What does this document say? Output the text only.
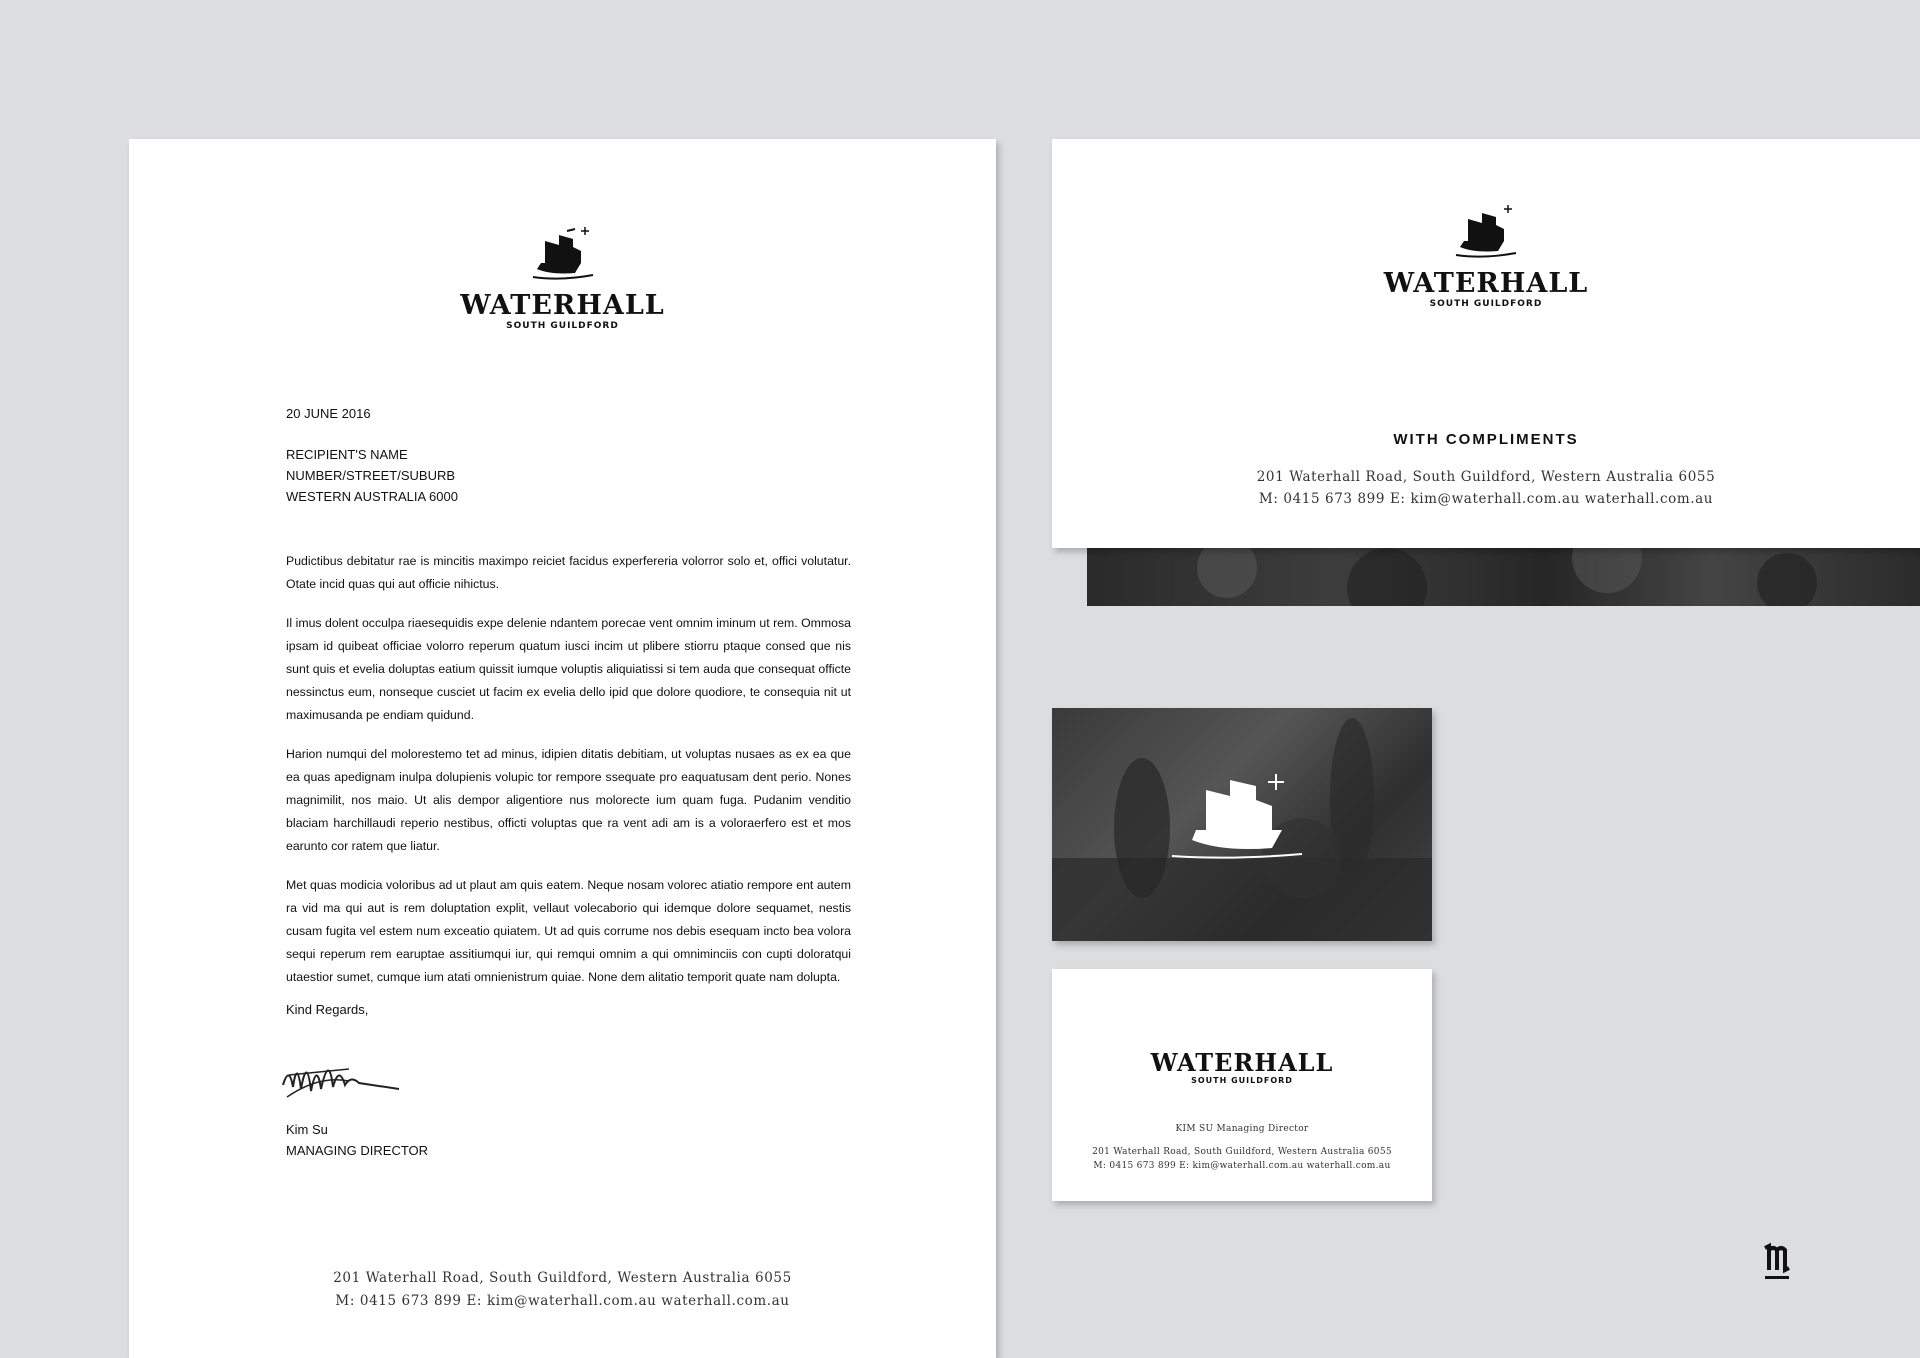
WATERHALL
SOUTH GUILDFORD
20 JUNE 2016
RECIPIENT'S NAME
NUMBER/STREET/SUBURB
WESTERN AUSTRALIA 6000

Pudictibus debitatur rae is mincitis maximpo reiciet facidus experfereria volorror solo et, offici volutatur. Otate incid quas qui aut officie nihictus.

Il imus dolent occulpa riaesequidis expe delenie ndantem porecae vent omnim iminum ut rem. Ommosa ipsam id quibeat officiae volorro reperum quatum iusci incim ut plibere stiorru ptaque consed que nis sunt quis et evelia doluptas eatium quissit iumque voluptis aliquiatissi si tem auda que consequat officte nessinctus eum, nonseque cusciet ut facim ex evelia dello ipid que dolore quodiore, te consequia nit ut maximusanda pe endiam quidund.

Harion numqui del molorestemo tet ad minus, idipien ditatis debitiam, ut voluptas nusaes as ex ea que ea quas apedignam inulpa dolupienis volupic tor rempore ssequate pro eaquatusam dent perio. Nones magnimilit, nos maio. Ut alis dempor aligentiore nus molorecte ium quam fuga. Pudanim venditio blaciam harchillaudi reperio nestibus, officti voluptas que ra vent adi am is a voloraerfero est et mos earunto cor ratem que liatur.

Met quas modicia voloribus ad ut plaut am quis eatem. Neque nosam volorec atiatio rempore ent autem ra vid ma qui aut is rem doluptation explit, vellaut volecaborio qui idemque dolore sequamet, nestis cusam fugita vel estem num exceatio quiatem. Ut ad quis corrume nos debis esequam incto bea volora sequi reperum rem earuptae assitiumqui iur, qui remqui omnim a qui omniminciis con cupti doloratqui utaestior sumet, cumque ium atati omnienistrum quiae. None dem alitatio temporit quate nam dolupta.

Kind Regards,
Kim Su
MANAGING DIRECTOR
201 Waterhall Road, South Guildford, Western Australia 6055
M: 0415 673 899 E: kim@waterhall.com.au waterhall.com.au
WATERHALL
SOUTH GUILDFORD
WITH COMPLIMENTS
201 Waterhall Road, South Guildford, Western Australia 6055
M: 0415 673 899 E: kim@waterhall.com.au waterhall.com.au
WATERHALL
SOUTH GUILDFORD
KIM SU Managing Director
201 Waterhall Road, South Guildford, Western Australia 6055
M: 0415 673 899 E: kim@waterhall.com.au waterhall.com.au
